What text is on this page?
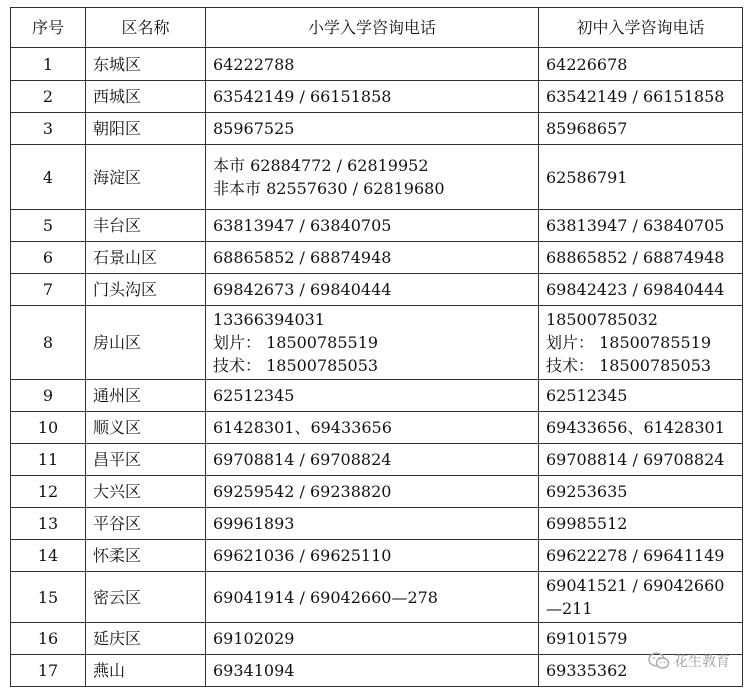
序号	区名称	小学入学咨询电话	初中入学咨询电话
1	东城区	64222788	64226678

2	西城区	63542149 / 66151858	63542149 / 66151858

3	朝阳区	85967525	85968657

4	海淀区	本市 62884772 / 62819952
非本市 82557630 / 62819680	62586791

5	丰台区	63813947 / 63840705	63813947 / 63840705

6	石景山区	68865852 / 68874948	68865852 / 68874948

7	门头沟区	69842673 / 69840444	69842423 / 69840444

8	房山区	13366394031
划片： 18500785519
技术： 18500785053	18500785032
划片： 18500785519
技术： 18500785053

9	通州区	62512345	62512345

10	顺义区	61428301、69433656	69433656、61428301

11	昌平区	69708814 / 69708824	69708814 / 69708824

12	大兴区	69259542 / 69238820	69253635

13	平谷区	69961893	69985512

14	怀柔区	69621036 / 69625110	69622278 / 69641149

15	密云区	69041914 / 69042660—278	69041521 / 69042660
—211

16	延庆区	69102029	69101579

17	燕山	69341094	69335362	花生教育
